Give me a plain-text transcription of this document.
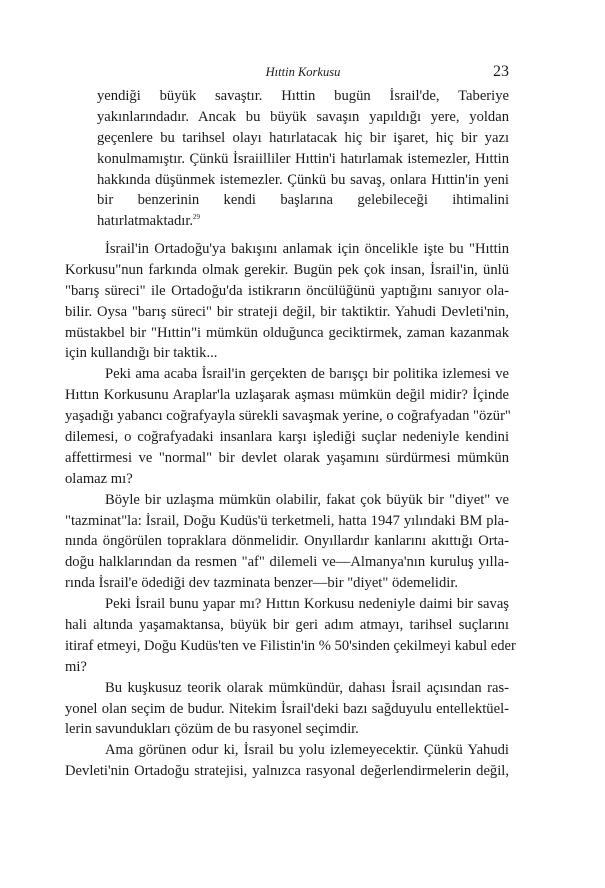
Hıttin Korkusu	23
yendiği büyük savaştır. Hıttin bugün İsrail'de, Taberiye
yakınlarındadır. Ancak bu büyük savaşın yapıldığı yere, yoldan
geçenlere bu tarihsel olayı hatırlatacak hiç bir işaret, hiç bir yazı
konulmamıştır. Çünkü İsraiilliler Hıttin'i hatırlamak istemezler, Hıttin
hakkında düşünmek istemezler. Çünkü bu savaş, onlara Hıttin'in yeni
bir benzerinin kendi başlarına gelebileceği ihtimalini
hatırlatmaktadır.$^{29}$
İsrail'in Ortadoğu'ya bakışını anlamak için öncelikle işte bu "Hıttin
Korkusu"nun farkında olmak gerekir. Bugün pek çok insan, İsrail'in, ünlü
"barış süreci" ile Ortadoğu'da istikrarın öncülüğünü yaptığını sanıyor ola-
bilir. Oysa "barış süreci" bir strateji değil, bir taktiktir. Yahudi Devleti'nin,
müstakbel bir "Hıttin"i mümkün olduğunca geciktirmek, zaman kazanmak
için kullandığı bir taktik...
Peki ama acaba İsrail'in gerçekten de barışçı bir politika izlemesi ve
Hıttın Korkusunu Araplar'la uzlaşarak aşması mümkün değil midir? İçinde
yaşadığı yabancı coğrafyayla sürekli savaşmak yerine, o coğrafyadan "özür"
dilemesi, o coğrafyadaki insanlara karşı işlediği suçlar nedeniyle kendini
affettirmesi ve "normal" bir devlet olarak yaşamını sürdürmesi mümkün
olamaz mı?
Böyle bir uzlaşma mümkün olabilir, fakat çok büyük bir "diyet" ve
"tazminat"la: İsrail, Doğu Kudüs'ü terketmeli, hatta 1947 yılındaki BM pla-
nında öngörülen topraklara dönmelidir. Onyıllardır kanlarını akıttığı Orta-
doğu halklarından da resmen "af" dilemeli ve—Almanya'nın kuruluş yılla-
rında İsrail'e ödediği dev tazminata benzer—bir "diyet" ödemelidir.
Peki İsrail bunu yapar mı? Hıttın Korkusu nedeniyle daimi bir savaş
hali altında yaşamaktansa, büyük bir geri adım atmayı, tarihsel suçlarını
itiraf etmeyi, Doğu Kudüs'ten ve Filistin'in % 50'sinden çekilmeyi kabul eder
mi?
Bu kuşkusuz teorik olarak mümkündür, dahası İsrail açısından ras-
yonel olan seçim de budur. Nitekim İsrail'deki bazı sağduyulu entellektüel-
lerin savundukları çözüm de bu rasyonel seçimdir.
Ama görünen odur ki, İsrail bu yolu izlemeyecektir. Çünkü Yahudi
Devleti'nin Ortadoğu stratejisi, yalnızca rasyonal değerlendirmelerin değil,
